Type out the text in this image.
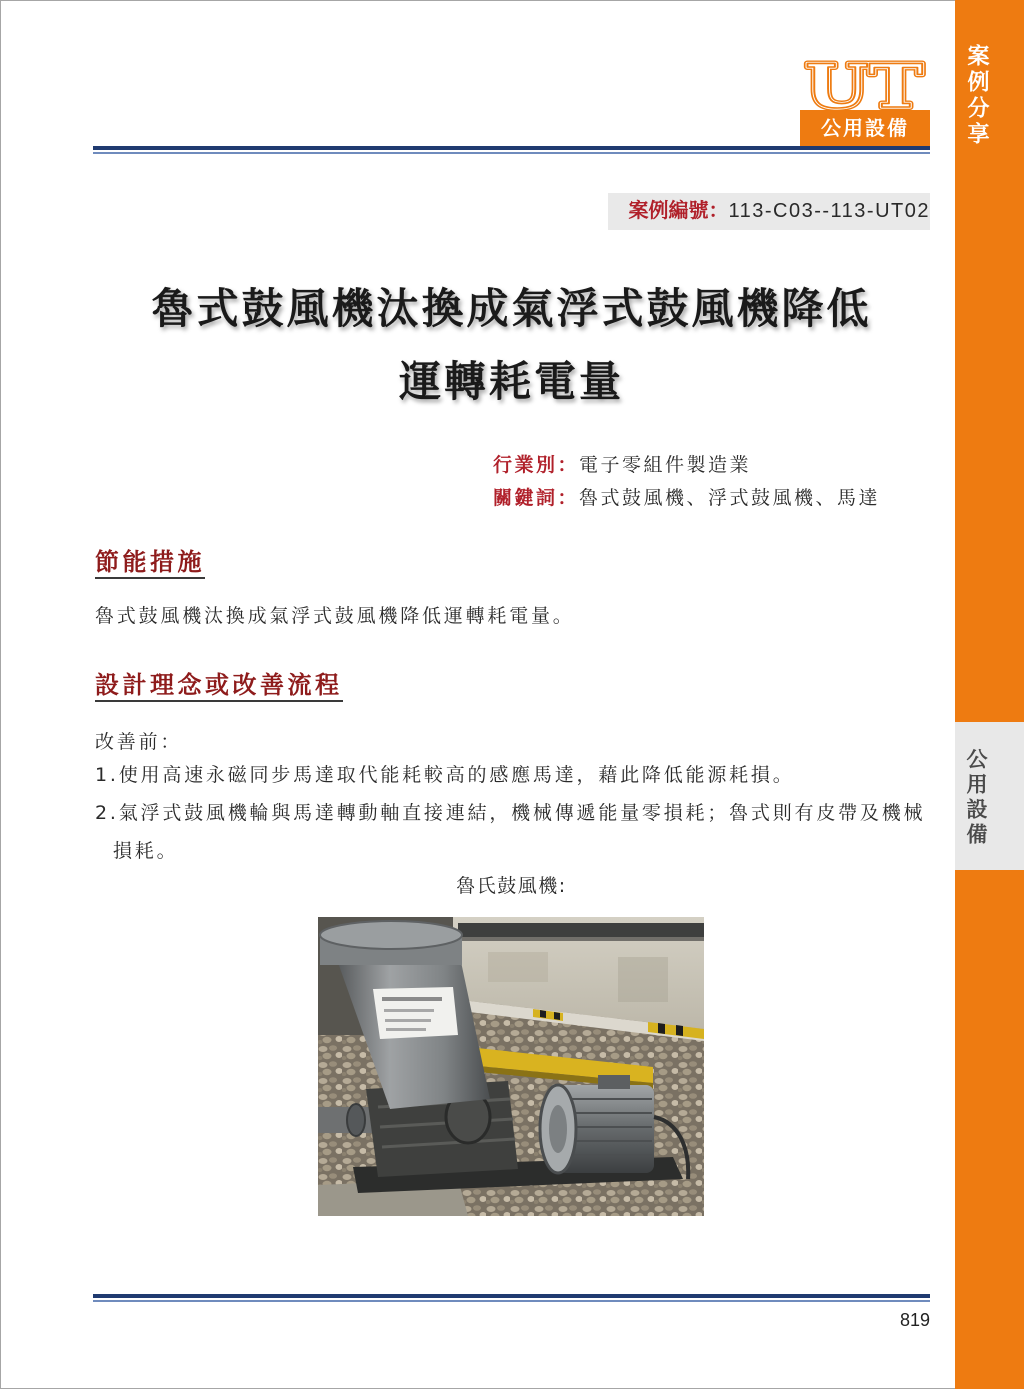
案例分享
公用設備
公用設備
案例編號：113-C03--113-UT02
魯式鼓風機汰換成氣浮式鼓風機降低
運轉耗電量
行業別：電子零組件製造業
關鍵詞：魯式鼓風機、浮式鼓風機、馬達
節能措施
魯式鼓風機汰換成氣浮式鼓風機降低運轉耗電量。
設計理念或改善流程
改善前：
1.使用高速永磁同步馬達取代能耗較高的感應馬達，藉此降低能源耗損。
2.氣浮式鼓風機輪與馬達轉動軸直接連結，機械傳遞能量零損耗；魯式則有皮帶及機械損耗。
魯氏鼓風機:
819
